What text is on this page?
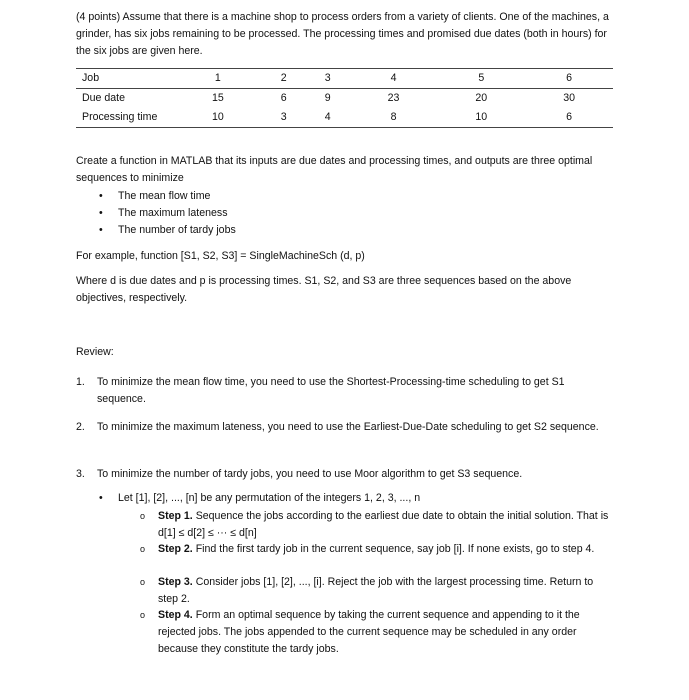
(4 points) Assume that there is a machine shop to process orders from a variety of clients. One of the machines, a grinder, has six jobs remaining to be processed. The processing times and promised due dates (both in hours) for the six jobs are given here.
Job	1	2	3	4	5	6
Due date	15	6	9	23	20	30
Processing time	10	3	4	8	10	6
Create a function in MATLAB that its inputs are due dates and processing times, and outputs are three optimal sequences to minimize
• The mean flow time
• The maximum lateness
• The number of tardy jobs
For example, function [S1, S2, S3] = SingleMachineSch (d, p)
Where d is due dates and p is processing times. S1, S2, and S3 are three sequences based on the above objectives, respectively.
Review:
1. To minimize the mean flow time, you need to use the Shortest-Processing-time scheduling to get S1 sequence.
2. To minimize the maximum lateness, you need to use the Earliest-Due-Date scheduling to get S2 sequence.
3. To minimize the number of tardy jobs, you need to use Moor algorithm to get S3 sequence.
• Let [1], [2], ..., [n] be any permutation of the integers 1, 2, 3, ..., n
o Step 1. Sequence the jobs according to the earliest due date to obtain the initial solution. That is d[1] ≤ d[2] ≤ ··· ≤ d[n]
o Step 2. Find the first tardy job in the current sequence, say job [i]. If none exists, go to step 4.
o Step 3. Consider jobs [1], [2], ..., [i]. Reject the job with the largest processing time. Return to step 2.
o Step 4. Form an optimal sequence by taking the current sequence and appending to it the rejected jobs. The jobs appended to the current sequence may be scheduled in any order because they constitute the tardy jobs.
